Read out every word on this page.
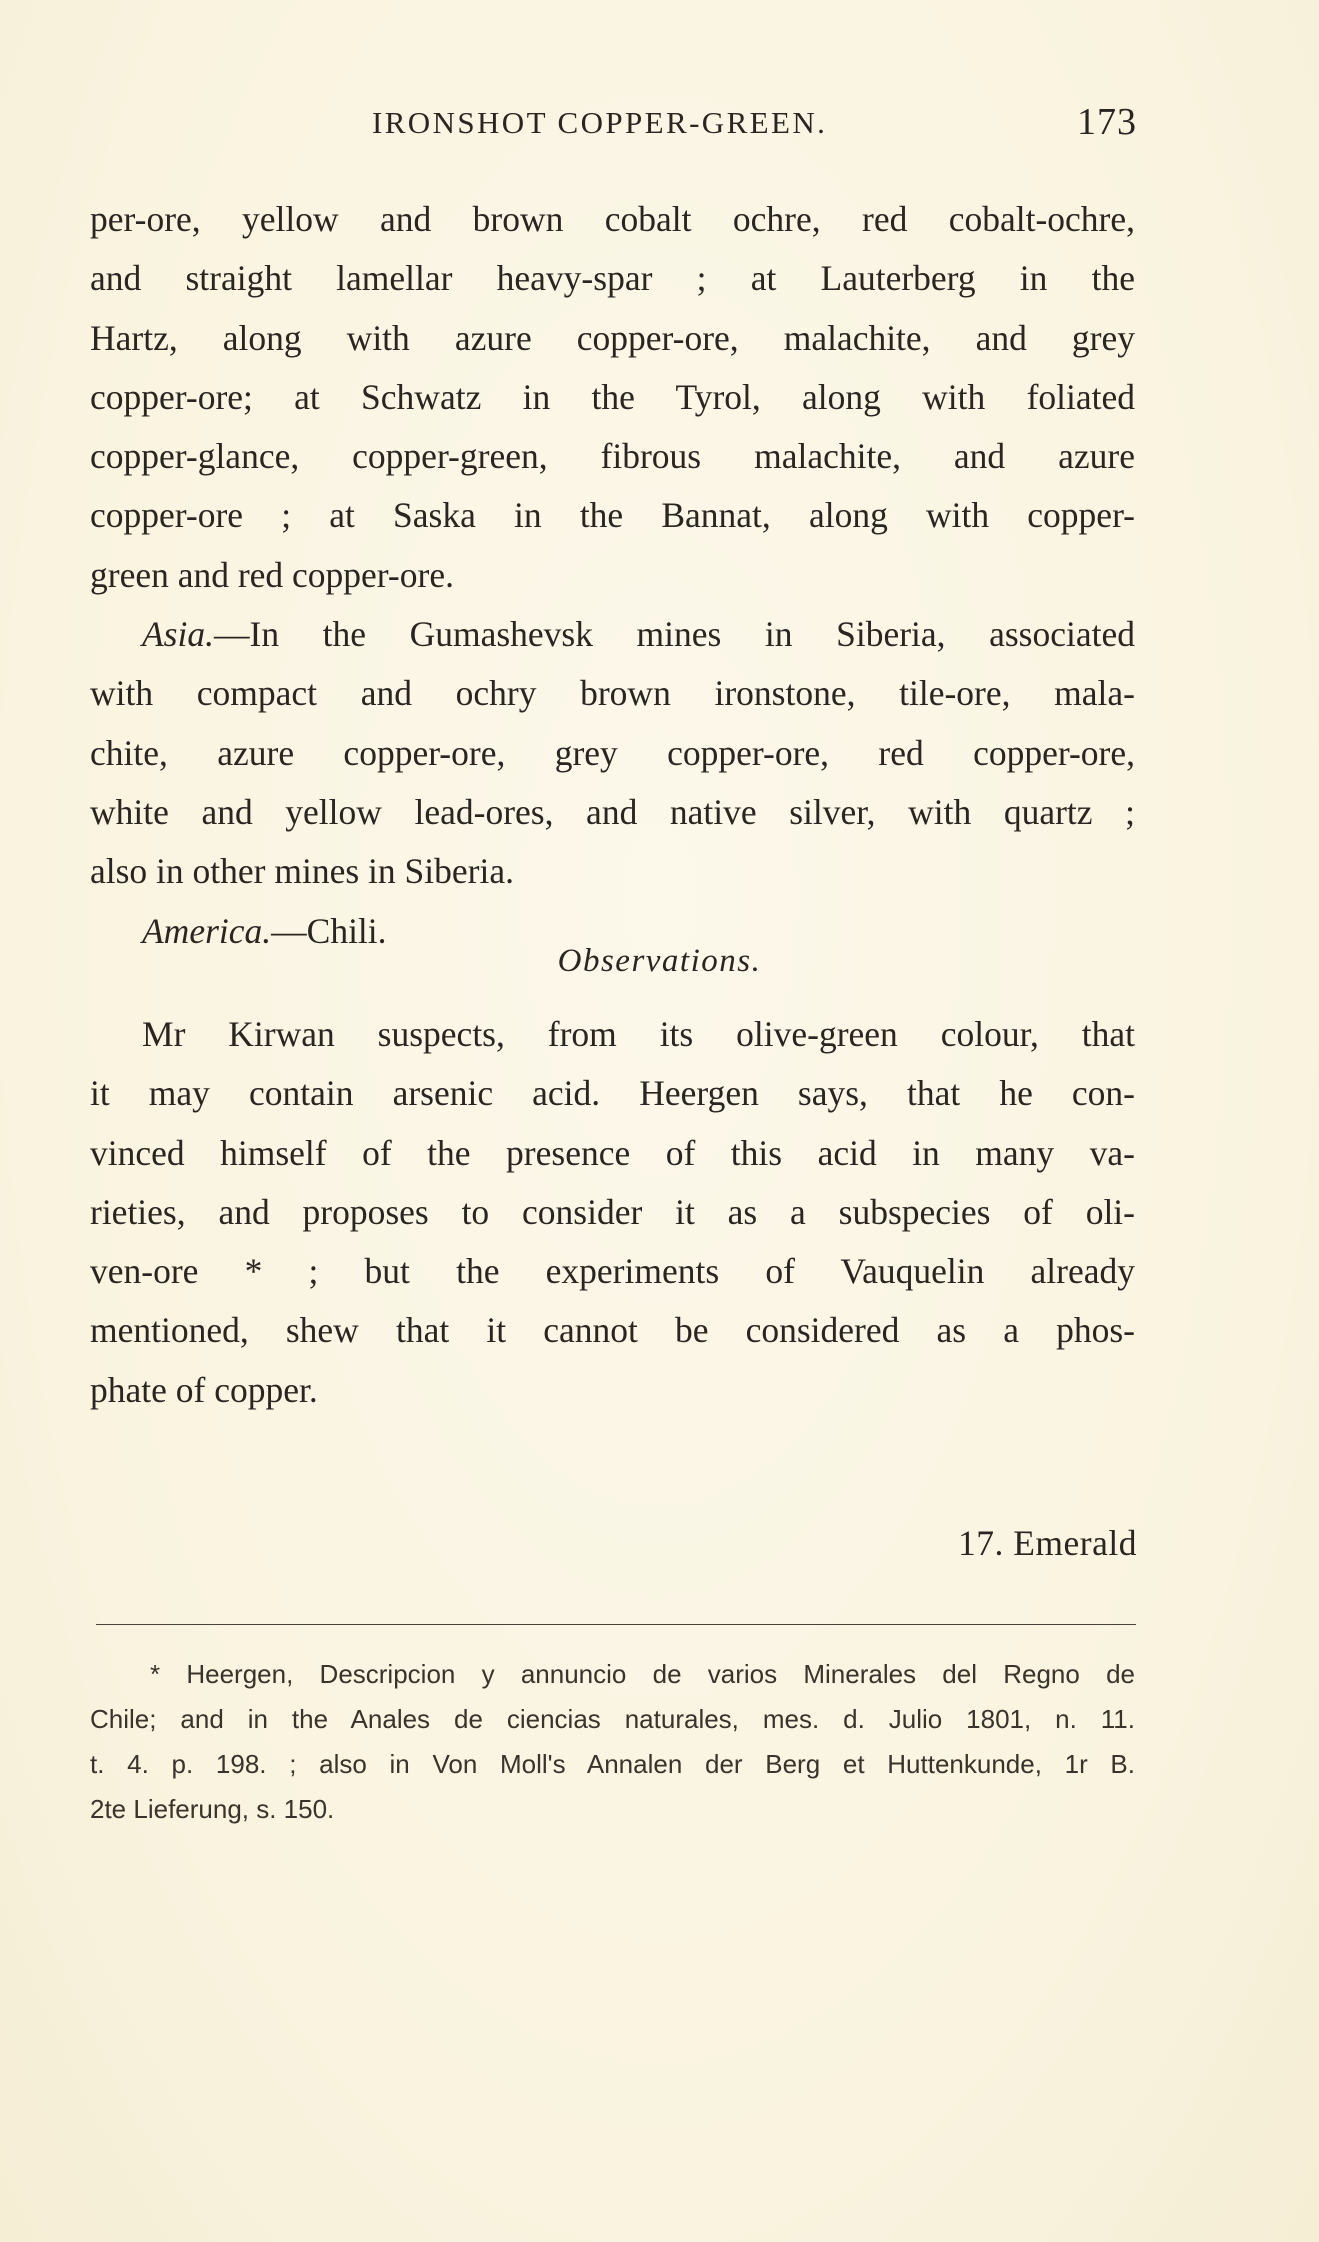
IRONSHOT COPPER-GREEN.	173
per-ore, yellow and brown cobalt ochre, red cobalt-ochre,
and straight lamellar heavy-spar ; at Lauterberg in the
Hartz, along with azure copper-ore, malachite, and grey
copper-ore; at Schwatz in the Tyrol, along with foliated
copper-glance, copper-green, fibrous malachite, and azure
copper-ore ; at Saska in the Bannat, along with copper-
green and red copper-ore.
Asia.—In the Gumashevsk mines in Siberia, associated
with compact and ochry brown ironstone, tile-ore, mala-
chite, azure copper-ore, grey copper-ore, red copper-ore,
white and yellow lead-ores, and native silver, with quartz ;
also in other mines in Siberia.
America.—Chili.
Observations.
Mr Kirwan suspects, from its olive-green colour, that
it may contain arsenic acid. Heergen says, that he con-
vinced himself of the presence of this acid in many va-
rieties, and proposes to consider it as a subspecies of oli-
ven-ore * ; but the experiments of Vauquelin already
mentioned, shew that it cannot be considered as a phos-
phate of copper.
17. Emerald
* Heergen, Descripcion y annuncio de varios Minerales del Regno de
Chile; and in the Anales de ciencias naturales, mes. d. Julio 1801, n. 11.
t. 4. p. 198. ; also in Von Moll's Annalen der Berg et Huttenkunde, 1r B.
2te Lieferung, s. 150.
